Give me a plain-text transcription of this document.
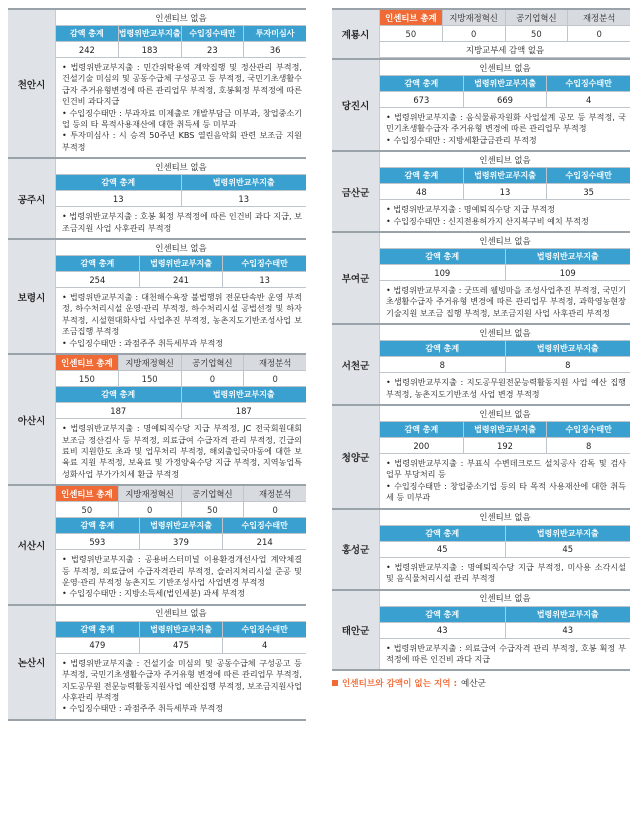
천안시
인센티브 없음
감액 총계	법령위반교부지출	수입징수태만	투자미심사
242	183	23	36
• 법령위반교부지출 : 민간위탁용역 계약집행 및 정산관리 부적정, 건설기술 미심의 및 공동수급체 구성공고 등 부적정, 국민기초생활수급자 주거유형변경에 따른 관리업무 부적정, 호봉획정 부적정에 따른 인건비 과다지급
• 수입징수태만 : 부과자료 미제출로 개발부담금 미부과, 창업중소기업 등의 타 목적사용재산에 대한 취득세 등 미부과
• 투자미심사 : 시 승격 50주년 KBS 열린음악회 관련 보조금 지원 부적정
공주시
인센티브 없음
감액 총계	법령위반교부지출
13	13
• 법령위반교부지출 : 호봉 획정 부적정에 따른 인건비 과다 지급, 보조금지원 사업 사후관리 부적정
보령시
인센티브 없음
감액 총계	법령위반교부지출	수입징수태만
254	241	13
• 법령위반교부지출 : 대천해수욕장 불법행위 전문단속반 운영 부적정, 하수처리시설 운영·관리 부적정, 하수처리시설 공법선정 및 하자 부적정, 시설현대화사업 사업추진 부적정, 농촌지도기반조성사업 보조금집행 부적정
• 수입징수태만 : 과점주주 취득세부과 부적정
아산시
인센티브 총계	지방재정혁신	공기업혁신	재정분석
150	150	0	0
감액 총계	법령위반교부지출
187	187
• 법령위반교부지출 : 명예퇴직수당 지급 부적정, JC 전국회원대회 보조금 정산검사 등 부적정, 의료급여 수급자격 관리 부적정, 긴급의료비 지원한도 초과 및 업무처리 부적정, 해외출입국마동에 대한 보육료 지원 부적정, 보육료 및 가정양육수당 지급 부적정, 지역농업특성화사업 부가가치세 환급 부적정
서산시
인센티브 총계	지방재정혁신	공기업혁신	재정분석
50	0	50	0
감액 총계	법령위반교부지출	수입징수태만
593	379	214
• 법령위반교부지출 : 공용버스터미널 이용환경개선사업 계약체결 등 부적정, 의료급여 수급자격관리 부적정, 슬러지처리시설 준공 및 운영·관리 부적정 농촌지도 기반조성사업 사업변경 부적정
• 수입징수태만 : 지방소득세(법인세분) 과세 부적정
논산시
인센티브 없음
감액 총계	법령위반교부지출	수입징수태만
479	475	4
• 법령위반교부지출 : 건설기술 미심의 및 공동수급체 구성공고 등 부적정, 국민기초생활수급자 주거유형 변경에 따른 관리업무 부적정, 지도공무원 전문능력활동지원사업 예산집행 부적정, 보조금지원사업 사후관리 부적정
• 수입징수태만 : 과점주주 취득세부과 부적정
계룡시
인센티브 총계	지방재정혁신	공기업혁신	재정분석
50	0	50	0
지방교부세 감액 없음
당진시
인센티브 없음
감액 총계	법령위반교부지출	수입징수태만
673	669	4
• 법령위반교부지출 : 음식물류자원화 사업설계 공모 등 부적정, 국민기초생활수급자 주거유형 변경에 따른 관리업무 부적정
• 수입징수태만 : 지방세환급금관리 부적정
금산군
인센티브 없음
감액 총계	법령위반교부지출	수입징수태만
48	13	35
• 법령위반교부지출 : 명예퇴직수당 지급 부적정
• 수입징수태만 : 신지전용허가지 산지복구비 예치 부적정
부여군
인센티브 없음
감액 총계	법령위반교부지출
109	109
• 법령위반교부지출 : 굿뜨레 웰빙마을 조성사업추진 부적정, 국민기초생활수급자 주거유형 변경에 따른 관리업무 부적정, 과학영농현장기술지원 보조금 집행 부적정, 보조금지원 사업 사후관리 부적정
서천군
인센티브 없음
감액 총계	법령위반교부지출
8	8
• 법령위반교부지출 : 지도공무원전문능력활동지원 사업 예산 집행 부적정, 농촌지도기반조성 사업 변경 부적정
청양군
인센티브 없음
감액 총계	법령위반교부지출	수입징수태만
200	192	8
• 법령위반교부지출 : 부표식 수변데크로드 설치공사 감독 및 검사 업무 부당처리 등
• 수입징수태만 : 창업중소기업 등의 타 목적 사용재산에 대한 취득세 등 미부과
홍성군
인센티브 없음
감액 총계	법령위반교부지출
45	45
• 법령위반교부지출 : 명예퇴직수당 지급 부적정, 미사용 소각시설 및 음식물처리시설 관리 부적정
태안군
인센티브 없음
감액 총계	법령위반교부지출
43	43
• 법령위반교부지출 : 의료급여 수급자격 관리 부적정, 호봉 획정 부적정에 따른 인건비 과다 지급
인센티브와 감액이 없는 지역 : 예산군
